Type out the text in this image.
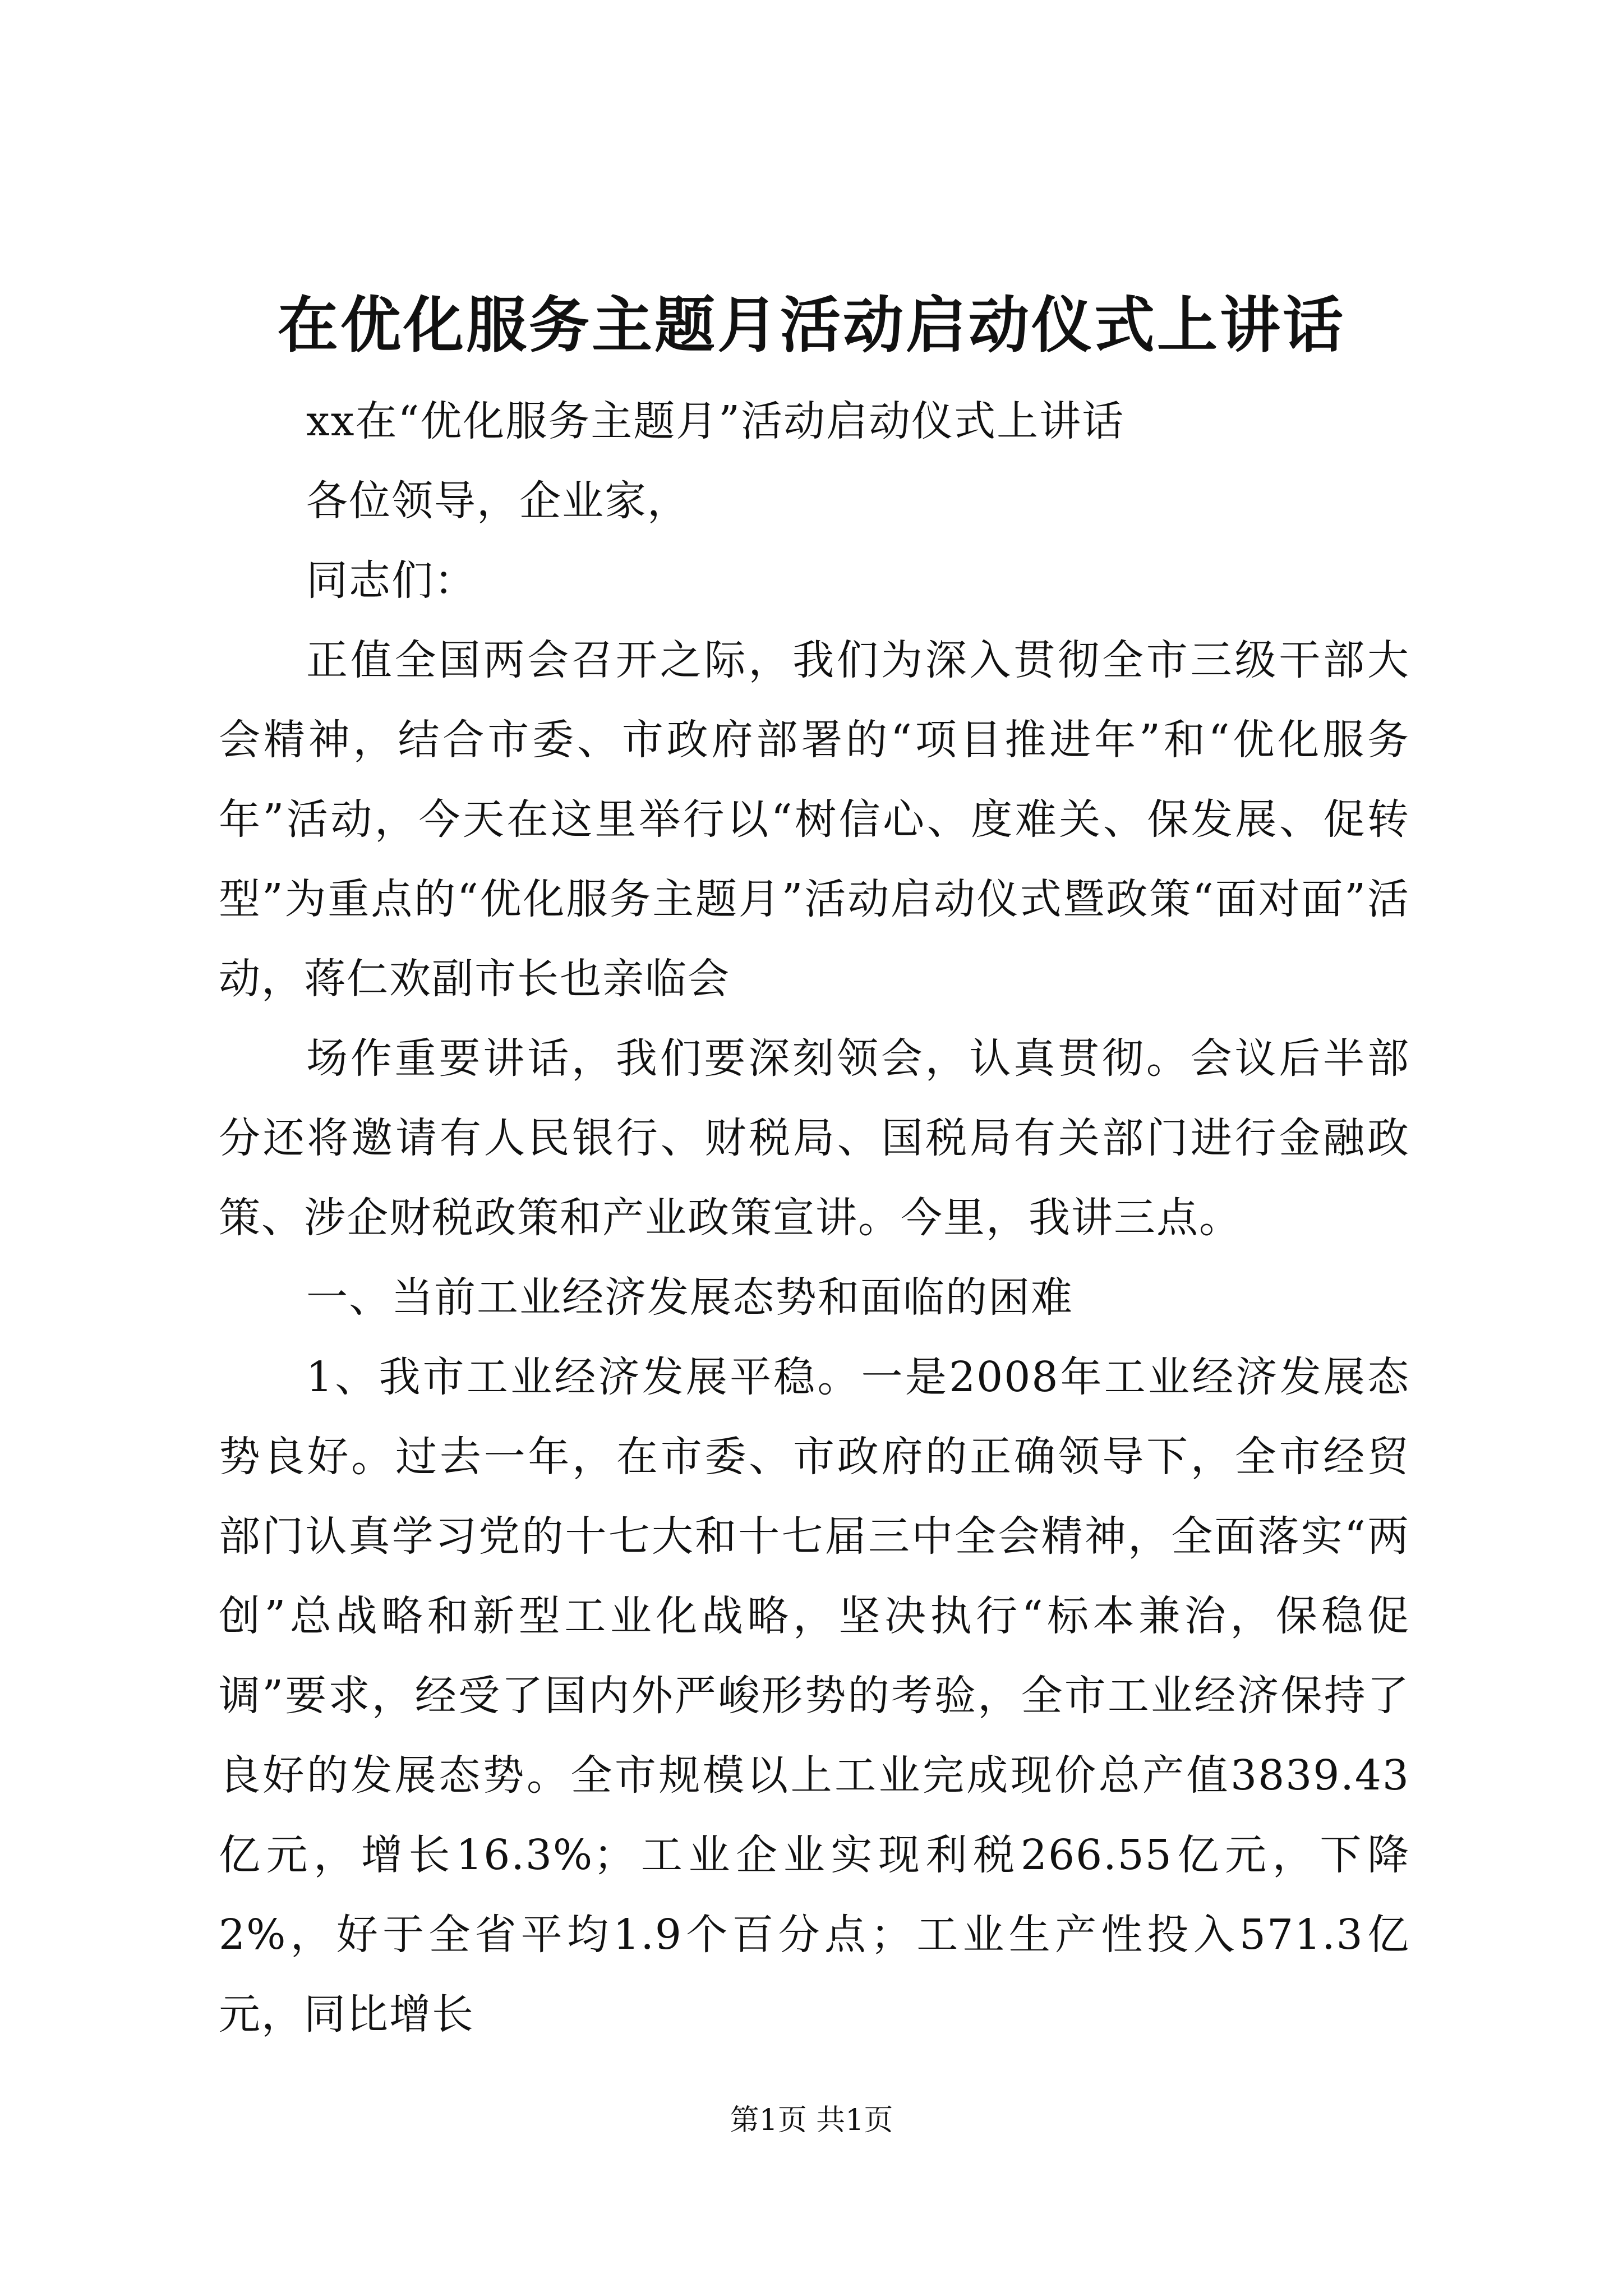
在优化服务主题月活动启动仪式上讲话

xx在“优化服务主题月”活动启动仪式上讲话

各位领导，企业家，

同志们：

正值全国两会召开之际，我们为深入贯彻全市三级干部大会精神，结合市委、市政府部署的“项目推进年”和“优化服务年”活动，今天在这里举行以“树信心、度难关、保发展、促转型”为重点的“优化服务主题月”活动启动仪式暨政策“面对面”活动，蒋仁欢副市长也亲临会

场作重要讲话，我们要深刻领会，认真贯彻。会议后半部分还将邀请有人民银行、财税局、国税局有关部门进行金融政策、涉企财税政策和产业政策宣讲。今里，我讲三点。

一、当前工业经济发展态势和面临的困难

1、我市工业经济发展平稳。一是2008年工业经济发展态势良好。过去一年，在市委、市政府的正确领导下，全市经贸部门认真学习党的十七大和十七届三中全会精神，全面落实“两创”总战略和新型工业化战略，坚决执行“标本兼治，保稳促调”要求，经受了国内外严峻形势的考验，全市工业经济保持了良好的发展态势。全市规模以上工业完成现价总产值3839.43亿元，增长16.3%；工业企业实现利税266.55亿元，下降2%，好于全省平均1.9个百分点；工业生产性投入571.3亿元，同比增长

第1页 共1页
